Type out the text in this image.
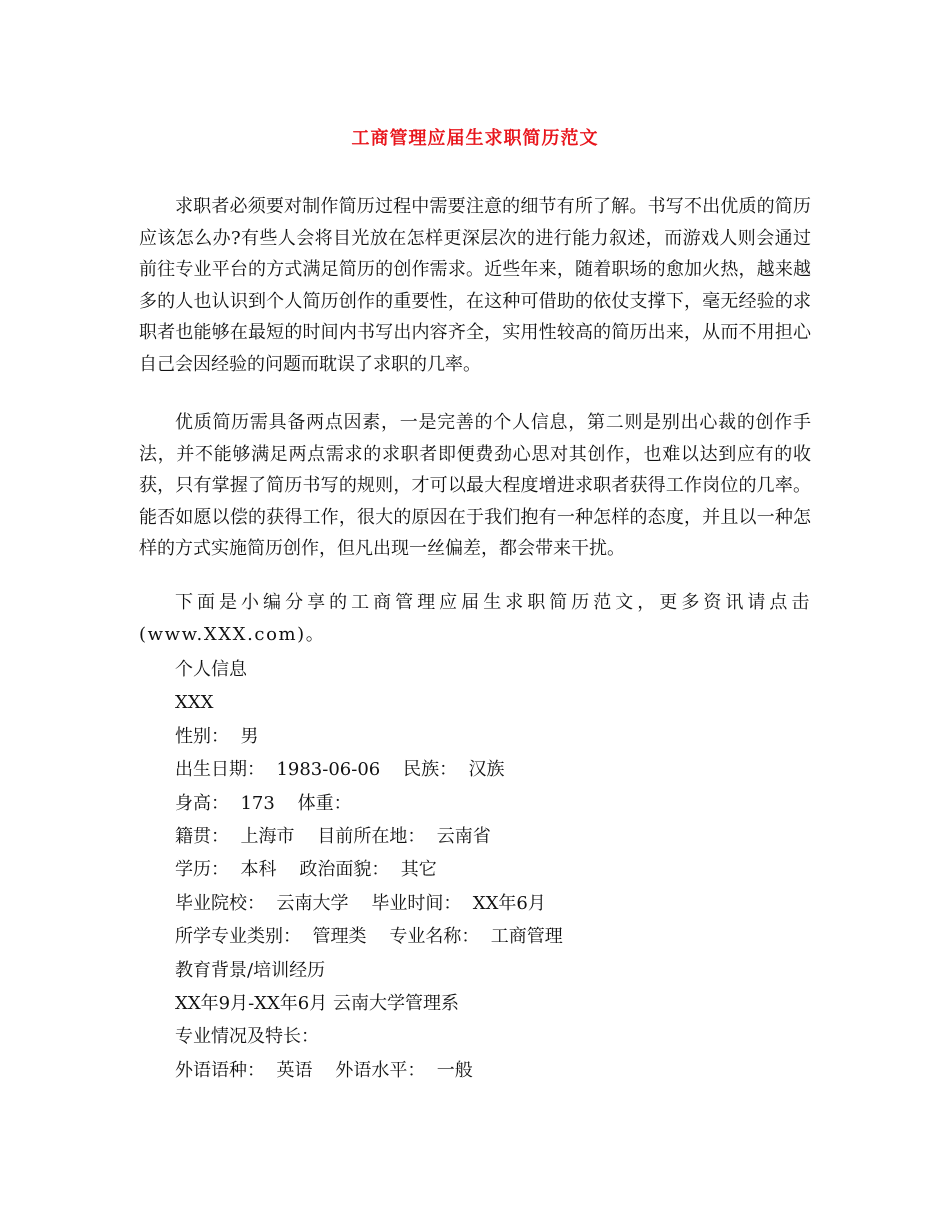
工商管理应届生求职简历范文

求职者必须要对制作简历过程中需要注意的细节有所了解。书写不出优质的简历应该怎么办?有些人会将目光放在怎样更深层次的进行能力叙述，而游戏人则会通过前往专业平台的方式满足简历的创作需求。近些年来，随着职场的愈加火热，越来越多的人也认识到个人简历创作的重要性，在这种可借助的依仗支撑下，毫无经验的求职者也能够在最短的时间内书写出内容齐全，实用性较高的简历出来，从而不用担心自己会因经验的问题而耽误了求职的几率。

优质简历需具备两点因素，一是完善的个人信息，第二则是别出心裁的创作手法，并不能够满足两点需求的求职者即便费劲心思对其创作，也难以达到应有的收获，只有掌握了简历书写的规则，才可以最大程度增进求职者获得工作岗位的几率。能否如愿以偿的获得工作，很大的原因在于我们抱有一种怎样的态度，并且以一种怎样的方式实施简历创作，但凡出现一丝偏差，都会带来干扰。

下面是小编分享的工商管理应届生求职简历范文，更多资讯请点击(www.XXX.com)。

个人信息
XXX
性别：  男
出生日期：  1983-06-06    民族：  汉族
身高：  173    体重：
籍贯：  上海市    目前所在地：  云南省
学历：  本科    政治面貌：  其它
毕业院校：  云南大学    毕业时间：  XX年6月
所学专业类别：  管理类    专业名称：  工商管理
教育背景/培训经历
XX年9月-XX年6月 云南大学管理系
专业情况及特长：
外语语种：  英语    外语水平：  一般
